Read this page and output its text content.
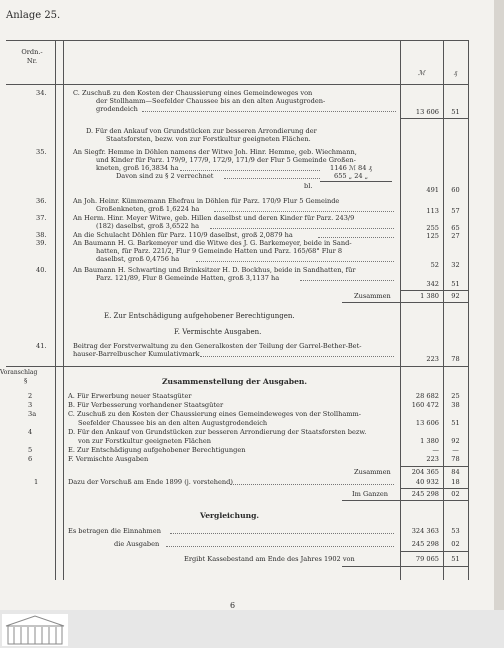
Anlage 25.
Ordn.-
Nr.
ℳ	₰
34.	C. Zuschuß zu den Kosten der Chaussierung eines Gemeindeweges von
der Stollhamm—Seefelder Chaussee bis an den alten Augustgroden-
grodendeich	13 606	51
D. Für den Ankauf von Grundstücken zur besseren Arrondierung der
Staatsforsten, bezw. von zur Forstkultur geeigneten Flächen.
35.	An Siegfr. Hemme in Döhlen namens der Witwe Joh. Hinr. Hemme, geb. Wiechmann,
und Kinder für Parz. 179/9, 177/9, 172/9, 171/9 der Flur 5 Gemeinde Großen-
kneten, groß 16,3834 ha	1146 ℳ 84 ₰
Davon sind zu § 2 verrechnet	655 „ 24 „
bl.	491	60
36.	An Joh. Heinr. Kümmemann Ehefrau in Döhlen für Parz. 170/9 Flur 5 Gemeinde
Großenkneten, groß 1,6224 ha	113	57
37.	An Herm. Hinr. Meyer Witwe, geb. Hillen daselbst und deren Kinder für Parz. 243/9
(182) daselbst, groß 3,6522 ha	255	65
38.	An die Schulacht Döhlen für Parz. 110/9 daselbst, groß 2,0879 ha	125	27
39.	An Baumann H. G. Barkemeyer und die Witwe des J. G. Barkemeyer, beide in Sand-
hatten, für Parz. 221/2, Flur 9 Gemeinde Hatten und Parz. 165/68° Flur 8
daselbst, groß 0,4756 ha
52	32
40.	An Baumann H. Schwarting und Brinksitzer H. D. Bockhus, beide in Sandhatten, für
Parz. 121/89, Flur 8 Gemeinde Hatten, groß 3,1137 ha
342	51
Zusammen	1 380	92
E. Zur Entschädigung aufgehobener Berechtigungen.
F. Vermischte Ausgaben.
41.	Beitrag der Forstverwaltung zu den Generalkosten der Teilung der Garrel-Bether-Bet-
hauser-Barrelbuscher Kumulativmark
223	78
Voranschlag
§	Zusammenstellung der Ausgaben.
2	A. Für Erwerbung neuer Staatsgüter	28 682	25
3	B. Für Verbesserung vorhandener Staatsgüter	160 472	38
3a	C. Zuschuß zu den Kosten der Chaussierung eines Gemeindeweges von der Stollhamm-
Seefelder Chaussee bis an den alten Augustgrodendeich	13 606	51
4	D. Für den Ankauf von Grundstücken zur besseren Arrondierung der Staatsforsten bezw.
von zur Forstkultur geeigneten Flächen	1 380	92
5	E. Zur Entschädigung aufgehobener Berechtigungen	—	—
6	F. Vermischte Ausgaben	223	78
Zusammen	204 365	84
1	Dazu der Vorschuß am Ende 1899 (j. vorstehend)	40 932	18
Im Ganzen	245 298	02
Vergleichung.
Es betragen die Einnahmen	324 363	53
die Ausgaben	245 298	02
Ergibt Kassebestand am Ende des Jahres 1902 von	79 065	51
6
